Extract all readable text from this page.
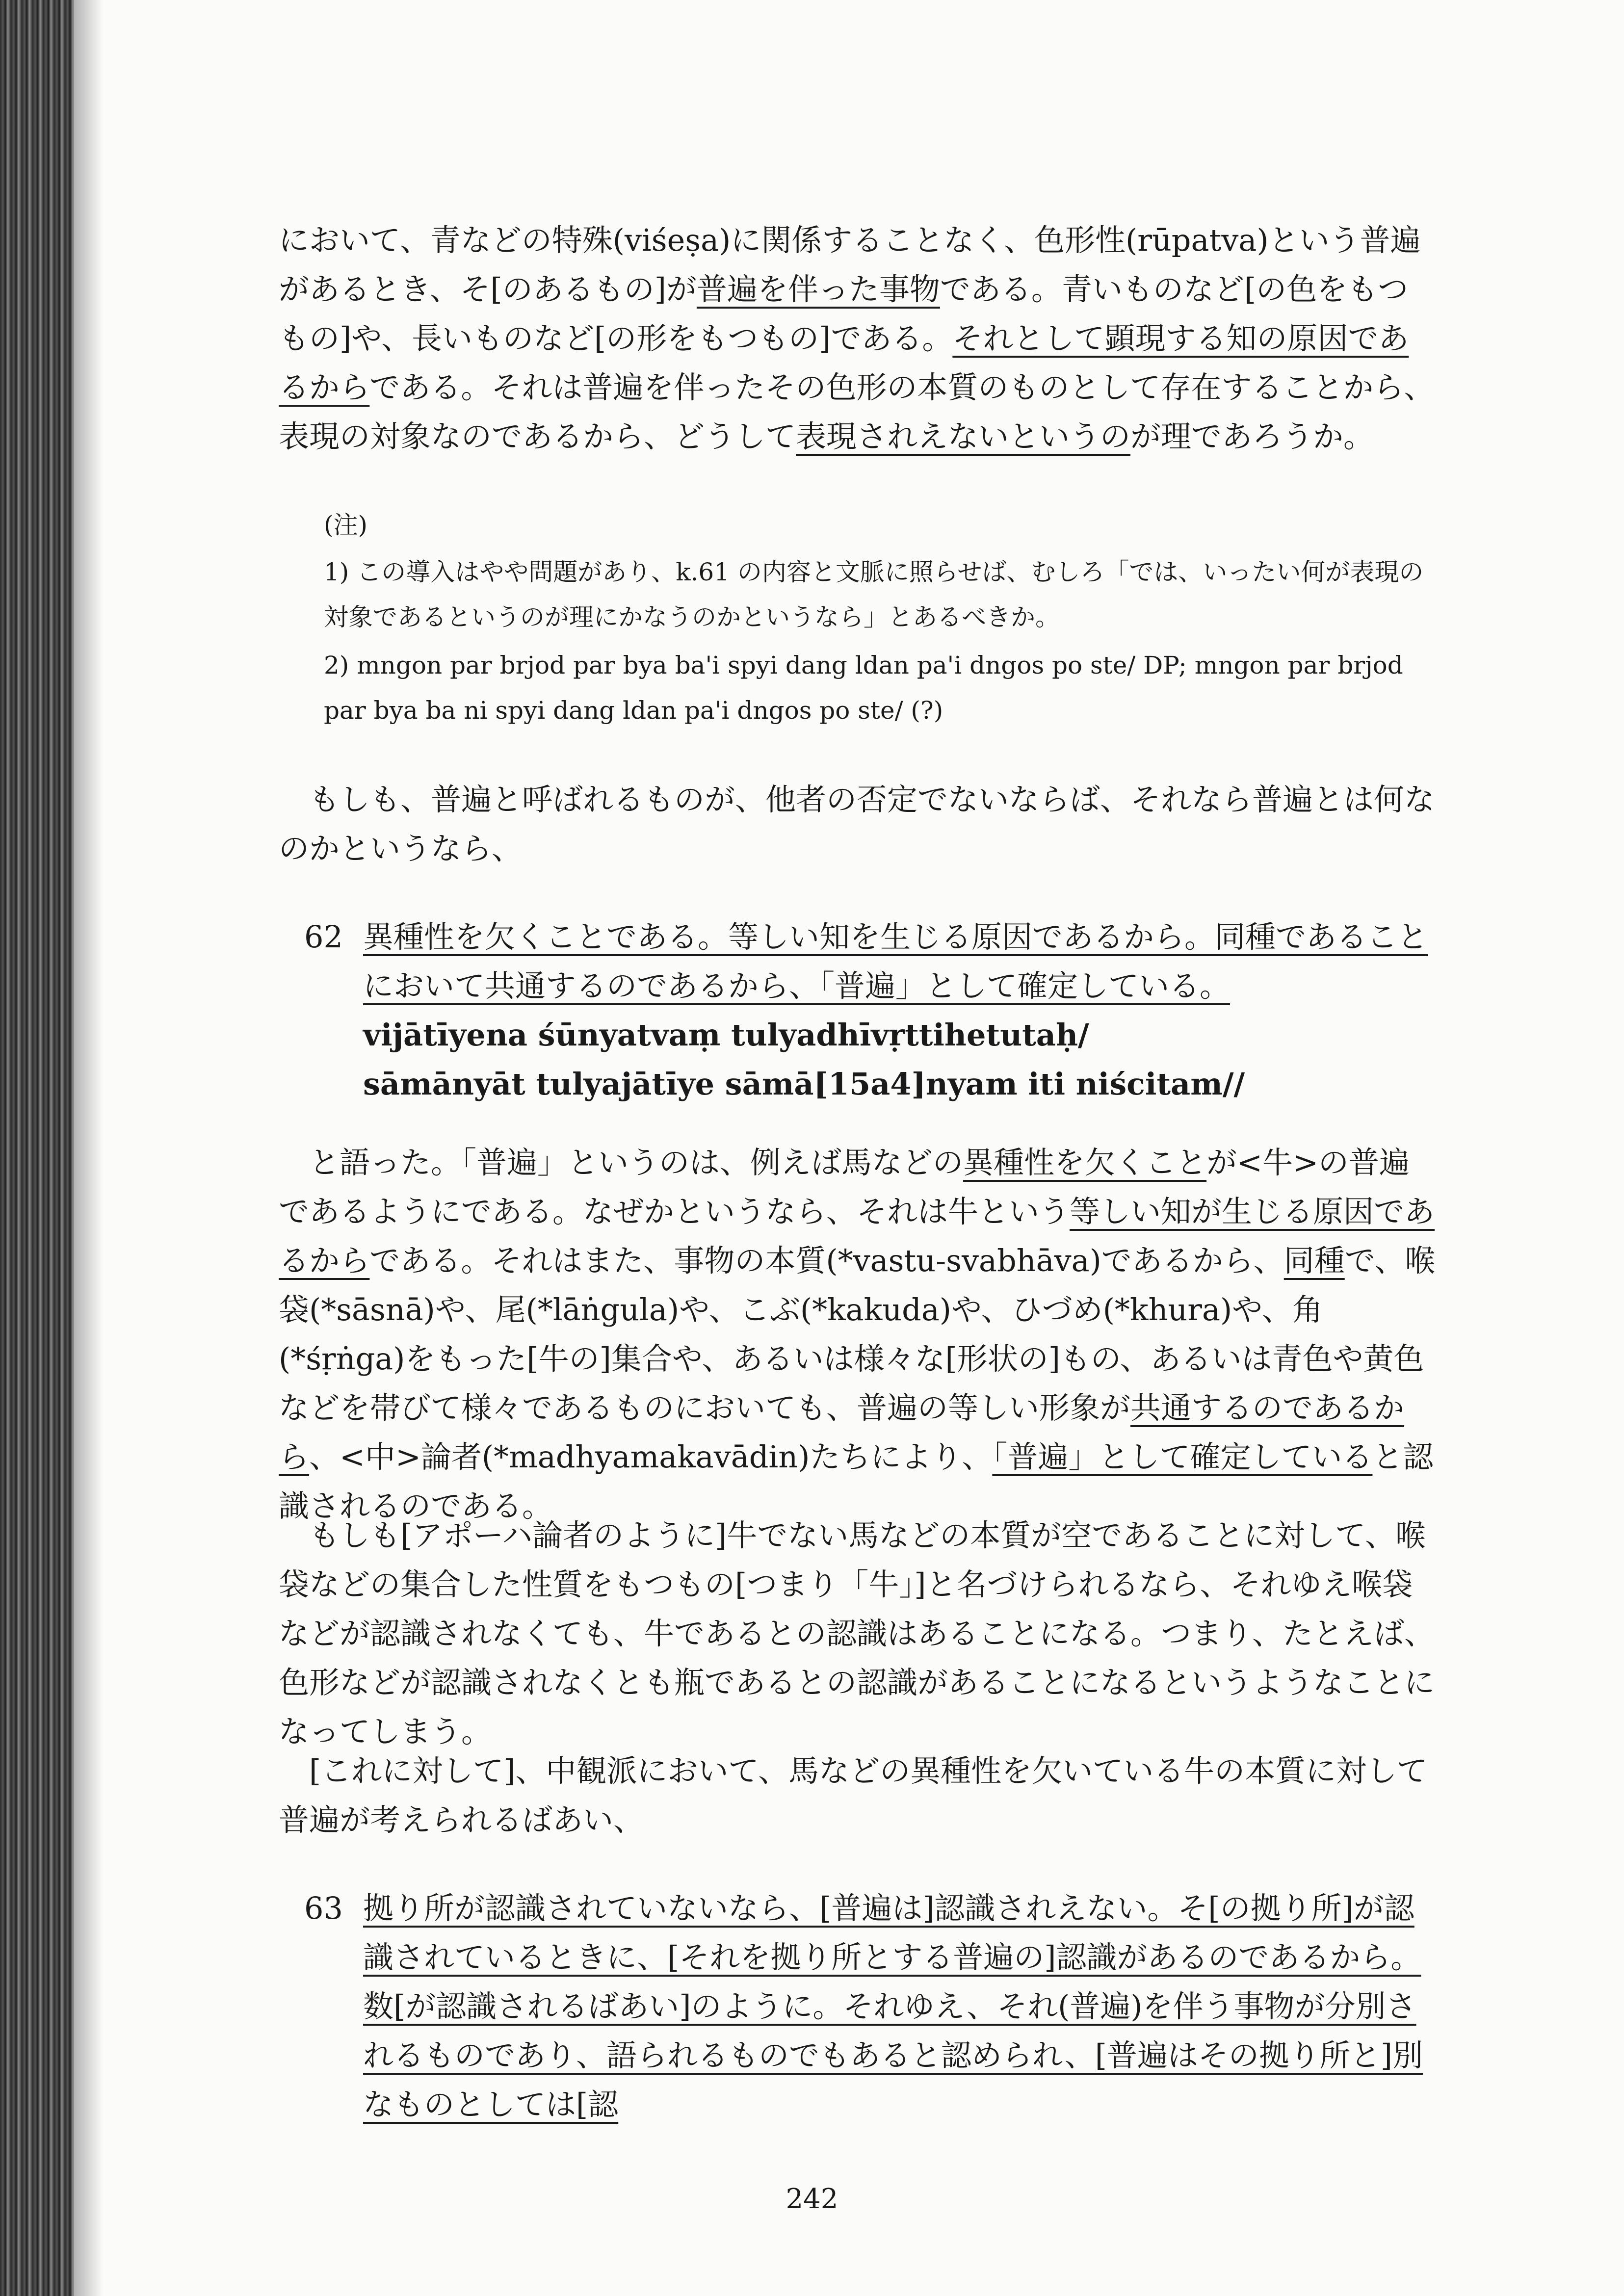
において、青などの特殊(viśeṣa)に関係することなく、色形性(rūpatva)という普遍があるとき、そ[のあるもの]が普遍を伴った事物である。青いものなど[の色をもつもの]や、長いものなど[の形をもつもの]である。それとして顕現する知の原因であるからである。それは普遍を伴ったその色形の本質のものとして存在することから、表現の対象なのであるから、どうして表現されえないというのが理であろうか。

(注)

1) この導入はやや問題があり、k.61 の内容と文脈に照らせば、むしろ「では、いったい何が表現の対象であるというのが理にかなうのかというなら」とあるべきか。

2) mngon par brjod par bya ba'i spyi dang ldan pa'i dngos po ste/ DP; mngon par brjod par bya ba ni spyi dang ldan pa'i dngos po ste/ (?)

もしも、普遍と呼ばれるものが、他者の否定でないならば、それなら普遍とは何なのかというなら、

62 異種性を欠くことである。等しい知を生じる原因であるから。同種であることにおいて共通するのであるから、「普遍」として確定している。
vijātīyena śūnyatvaṃ tulyadhīvṛttihetutaḥ/
sāmānyāt tulyajātīye sāmā[15a4]nyam iti niścitam//

と語った。「普遍」というのは、例えば馬などの異種性を欠くことが<牛>の普遍であるようにである。なぜかというなら、それは牛という等しい知が生じる原因であるからである。それはまた、事物の本質(*vastu-svabhāva)であるから、同種で、喉袋(*sāsnā)や、尾(*lāṅgula)や、こぶ(*kakuda)や、ひづめ(*khura)や、角(*śṛṅga)をもった[牛の]集合や、あるいは様々な[形状の]もの、あるいは青色や黄色などを帯びて様々であるものにおいても、普遍の等しい形象が共通するのであるから、<中>論者(*madhyamakavādin)たちにより、「普遍」として確定していると認識されるのである。

もしも[アポーハ論者のように]牛でない馬などの本質が空であることに対して、喉袋などの集合した性質をもつもの[つまり「牛」]と名づけられるなら、それゆえ喉袋などが認識されなくても、牛であるとの認識はあることになる。つまり、たとえば、色形などが認識されなくとも瓶であるとの認識があることになるというようなことになってしまう。

[これに対して]、中観派において、馬などの異種性を欠いている牛の本質に対して普遍が考えられるばあい、

63 拠り所が認識されていないなら、[普遍は]認識されえない。そ[の拠り所]が認識されているときに、[それを拠り所とする普遍の]認識があるのであるから。数[が認識されるばあい]のように。それゆえ、それ(普遍)を伴う事物が分別されるものであり、語られるものでもあると認められ、[普遍はその拠り所と]別なものとしては[認

242
